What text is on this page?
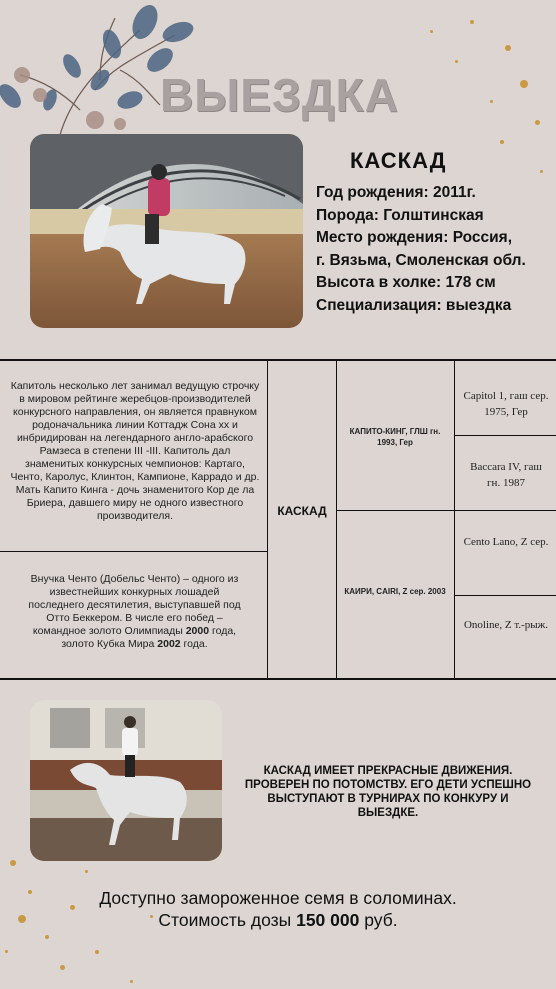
ВЫЕЗДКА
КАСКАД
Год рождения: 2011г.
Порода: Голштинская
Место рождения: Россия,
г. Вязьма, Смоленская обл.
Высота в холке: 178 см
Специализация: выездка
Капитоль несколько лет занимал ведущую строчку в мировом рейтинге жеребцов-производителей конкурсного направления, он является правнуком родоначальника линии Коттадж Сона хх и инбридирован на легендарного англо-арабского Рамзеса в степени III -III. Капитоль дал знаменитых конкурсных чемпионов: Картаго, Ченто, Каролус, Клинтон, Кампионе, Каррадо и др. Мать Капито Кинга - дочь знаменитого Кор де ла Бриера, давшего миру не одного известного производителя.
Внучка Ченто (Добельс Ченто) – одного из известнейших конкурных лошадей последнего десятилетия, выступавшей под Отто Беккером. В числе его побед – командное золото Олимпиады 2000 года, золото Кубка Мира 2002 года.
КАСКАД
КАПИТО-КИНГ, ГЛШ гн. 1993, Гер
КАИРИ, CAIRI, Z сер. 2003
Capitol 1, гаш сер. 1975, Гер
Baccara IV, гаш гн. 1987
Cento Lano, Z сер.
Onoline, Z т.-рыж.
КАСКАД ИМЕЕТ ПРЕКРАСНЫЕ ДВИЖЕНИЯ. ПРОВЕРЕН ПО ПОТОМСТВУ. ЕГО ДЕТИ УСПЕШНО ВЫСТУПАЮТ В ТУРНИРАХ ПО КОНКУРУ И ВЫЕЗДКЕ.
Доступно замороженное семя в соломинах.
Стоимость дозы 150 000 руб.
